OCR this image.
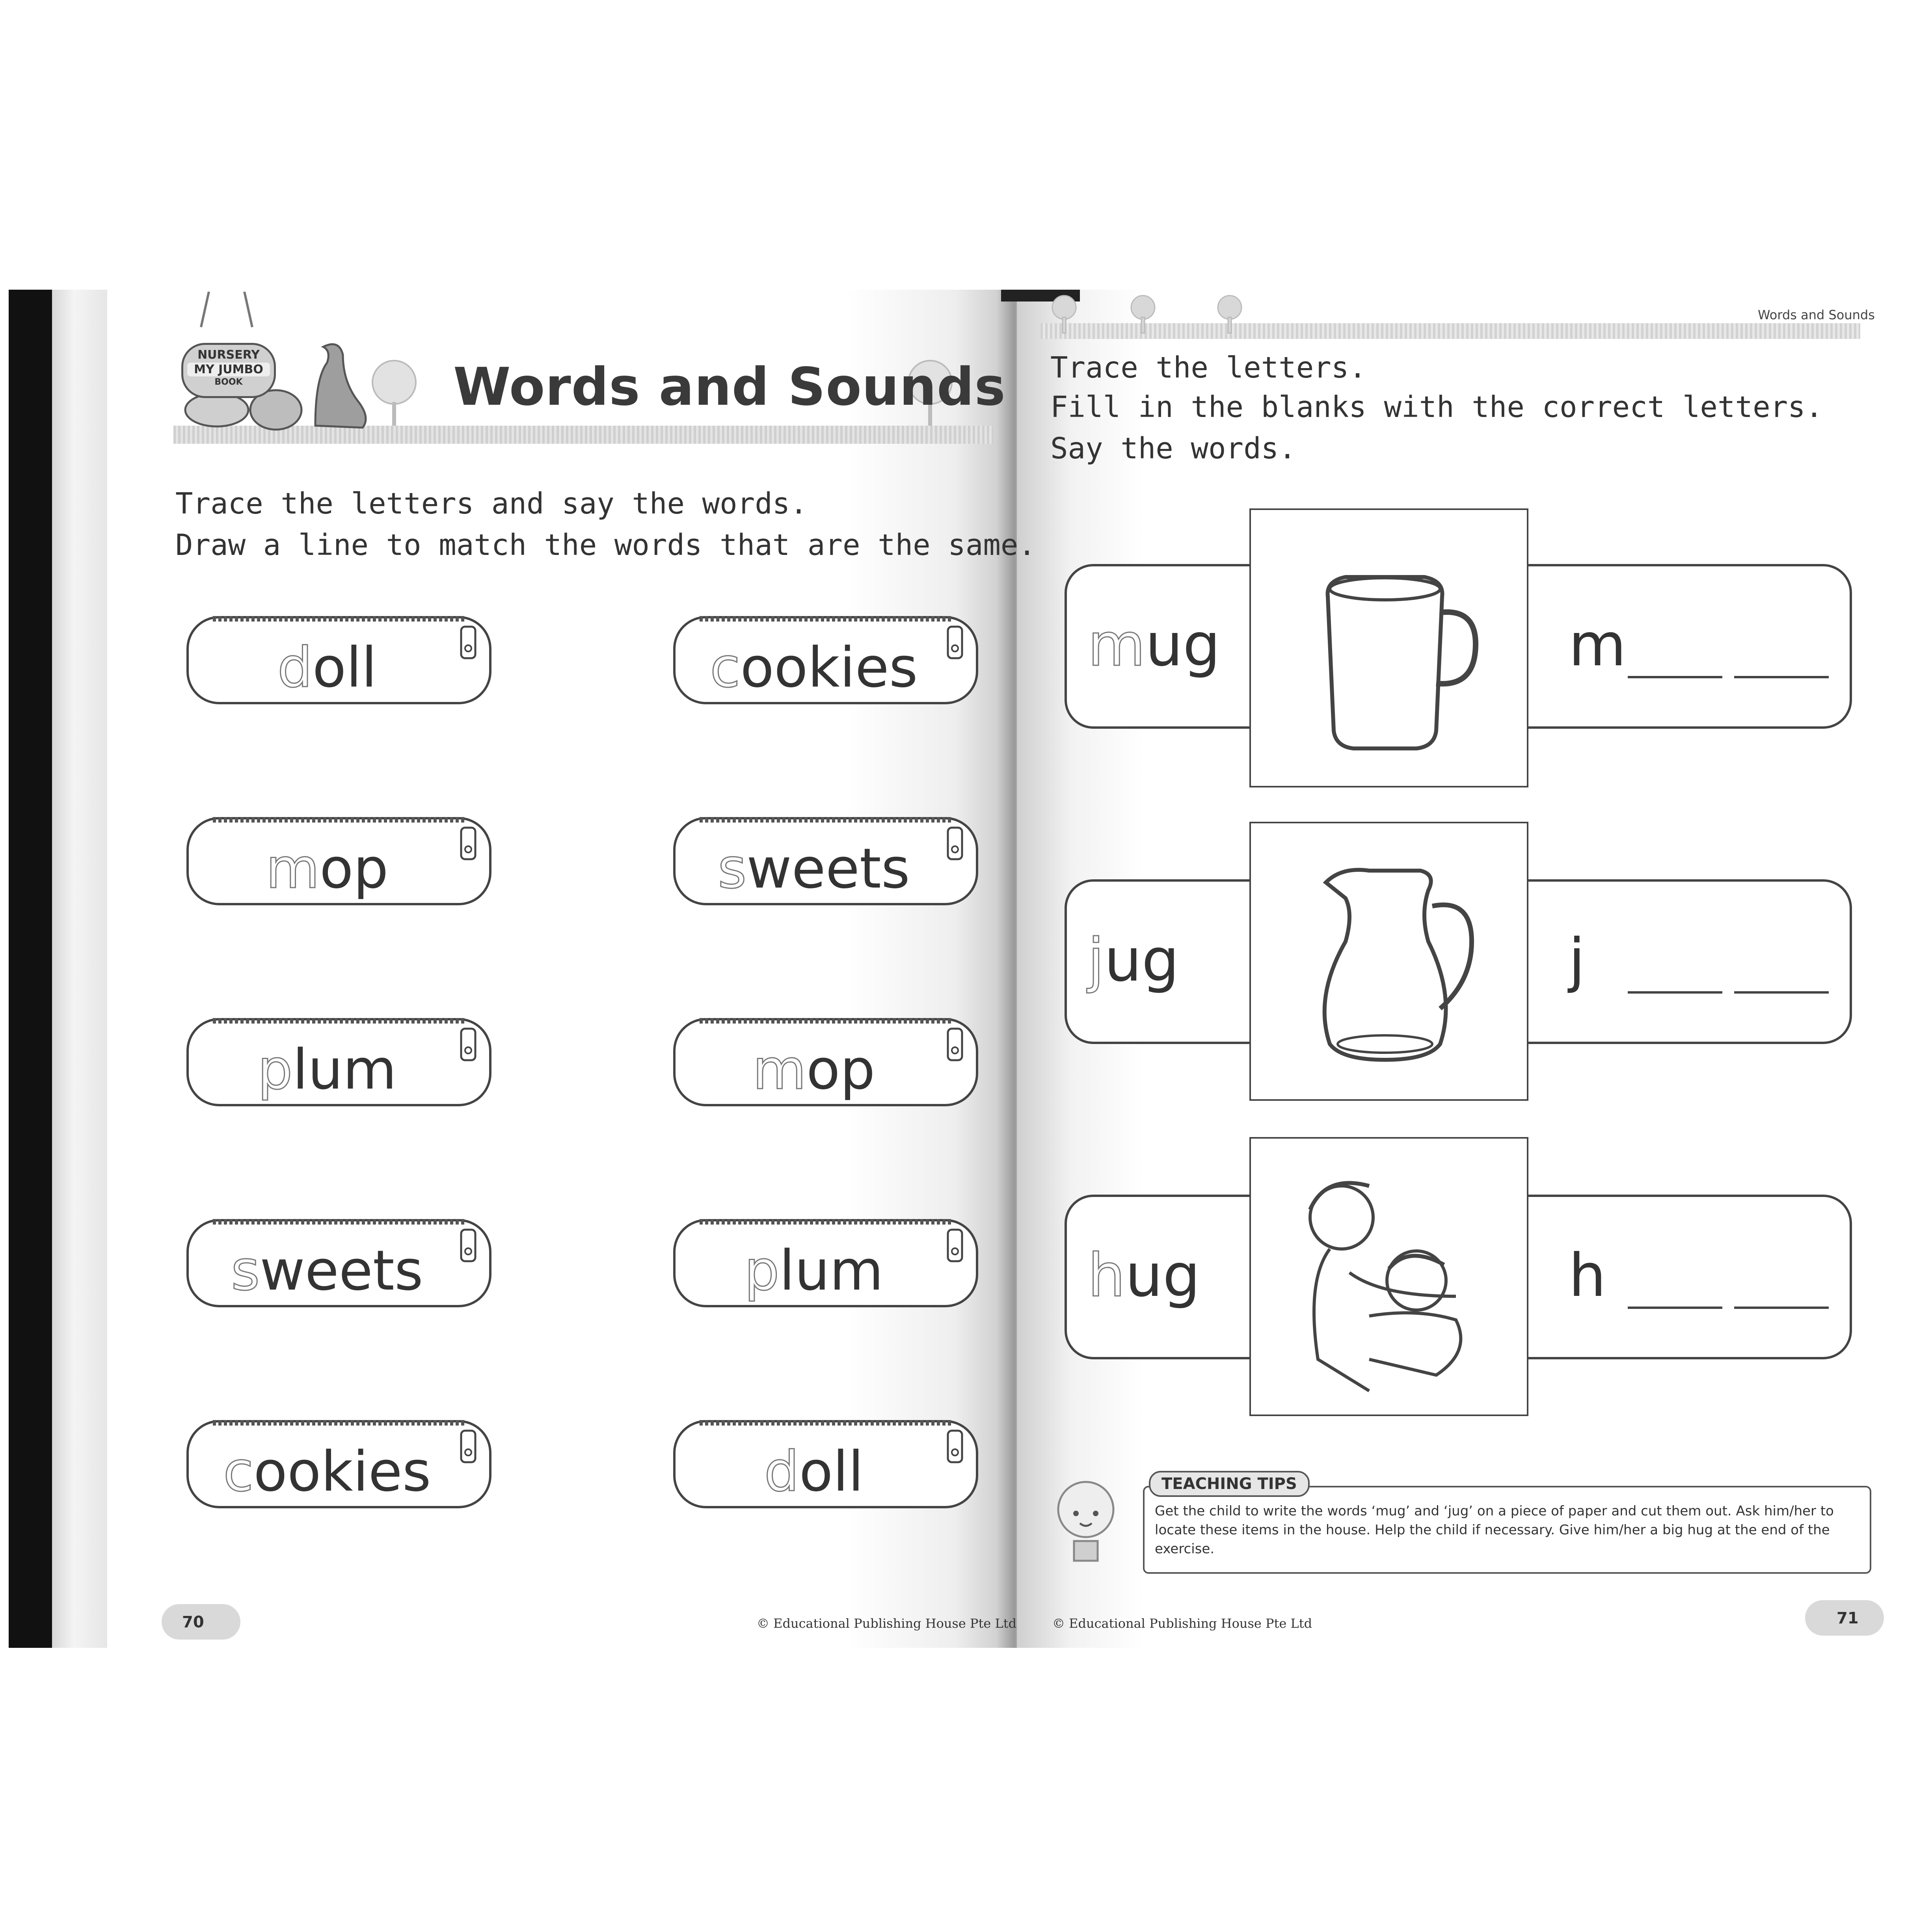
NURSERY
MY JUMBO
BOOK	Words and Sounds
Trace the letters and say the words.
Draw a line to match the words that are the same.
doll
mop
plum
sweets
cookies
cookies
sweets
mop
plum
doll
Words and Sounds
Trace the letters.
Fill in the blanks with the correct letters.
Say the words.
mug	m
jug	j
hug	h
TEACHING TIPS
Get the child to write the words ‘mug’ and ‘jug’ on a piece of paper and cut them out. Ask him/her to locate these items in the house. Help the child if necessary. Give him/her a big hug at the end of the exercise.
70	© Educational Publishing House Pte Ltd	© Educational Publishing House Pte Ltd	71
